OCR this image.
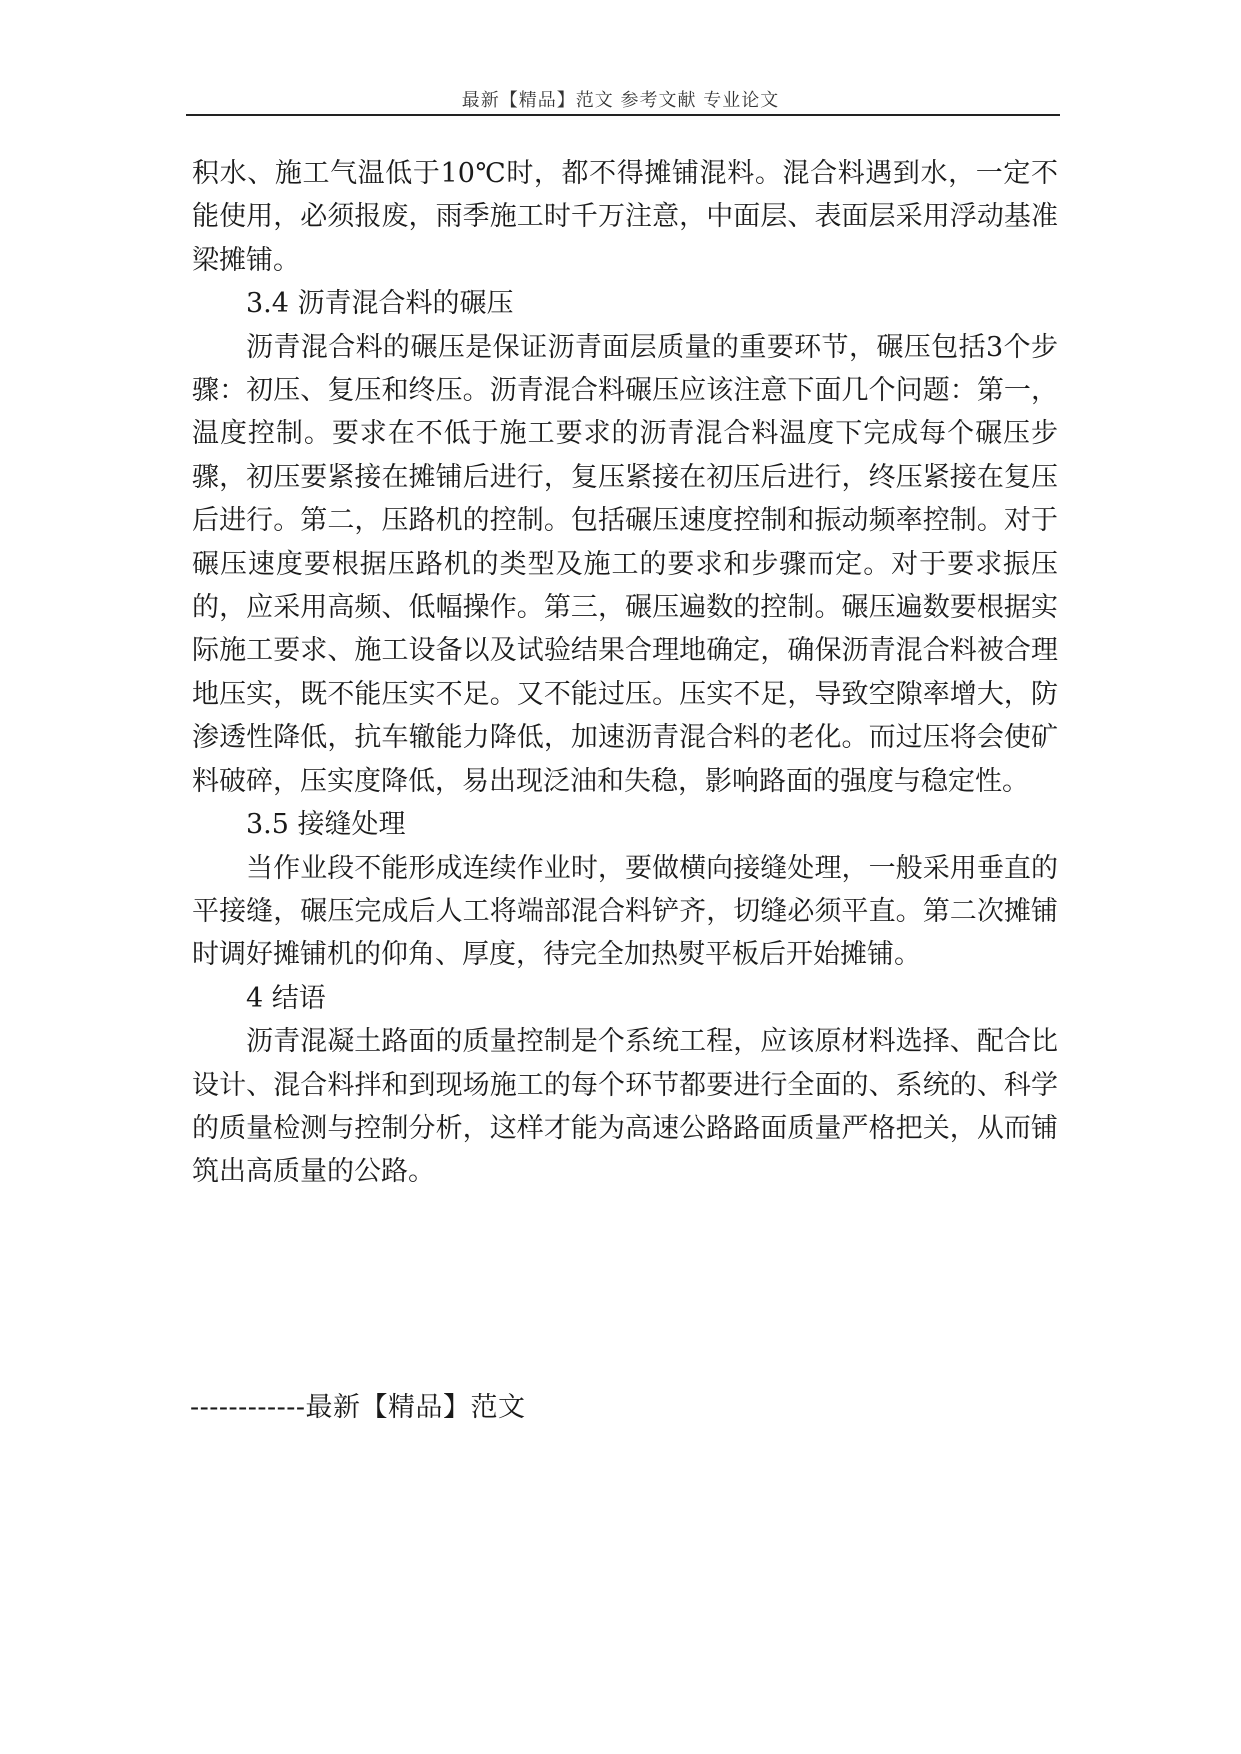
最新【精品】范文 参考文献 专业论文

积水、施工气温低于10℃时，都不得摊铺混料。混合料遇到水，一定不能使用，必须报废，雨季施工时千万注意，中面层、表面层采用浮动基准梁摊铺。

3.4 沥青混合料的碾压

沥青混合料的碾压是保证沥青面层质量的重要环节，碾压包括3个步骤：初压、复压和终压。沥青混合料碾压应该注意下面几个问题：第一，温度控制。要求在不低于施工要求的沥青混合料温度下完成每个碾压步骤，初压要紧接在摊铺后进行，复压紧接在初压后进行，终压紧接在复压后进行。第二，压路机的控制。包括碾压速度控制和振动频率控制。对于碾压速度要根据压路机的类型及施工的要求和步骤而定。对于要求振压的，应采用高频、低幅操作。第三，碾压遍数的控制。碾压遍数要根据实际施工要求、施工设备以及试验结果合理地确定，确保沥青混合料被合理地压实，既不能压实不足。又不能过压。压实不足，导致空隙率增大，防渗透性降低，抗车辙能力降低，加速沥青混合料的老化。而过压将会使矿料破碎，压实度降低，易出现泛油和失稳，影响路面的强度与稳定性。

3.5 接缝处理

当作业段不能形成连续作业时，要做横向接缝处理，一般采用垂直的平接缝，碾压完成后人工将端部混合料铲齐，切缝必须平直。第二次摊铺时调好摊铺机的仰角、厚度，待完全加热熨平板后开始摊铺。

4 结语

沥青混凝土路面的质量控制是个系统工程，应该原材料选择、配合比设计、混合料拌和到现场施工的每个环节都要进行全面的、系统的、科学的质量检测与控制分析，这样才能为高速公路路面质量严格把关，从而铺筑出高质量的公路。

------------最新【精品】范文
